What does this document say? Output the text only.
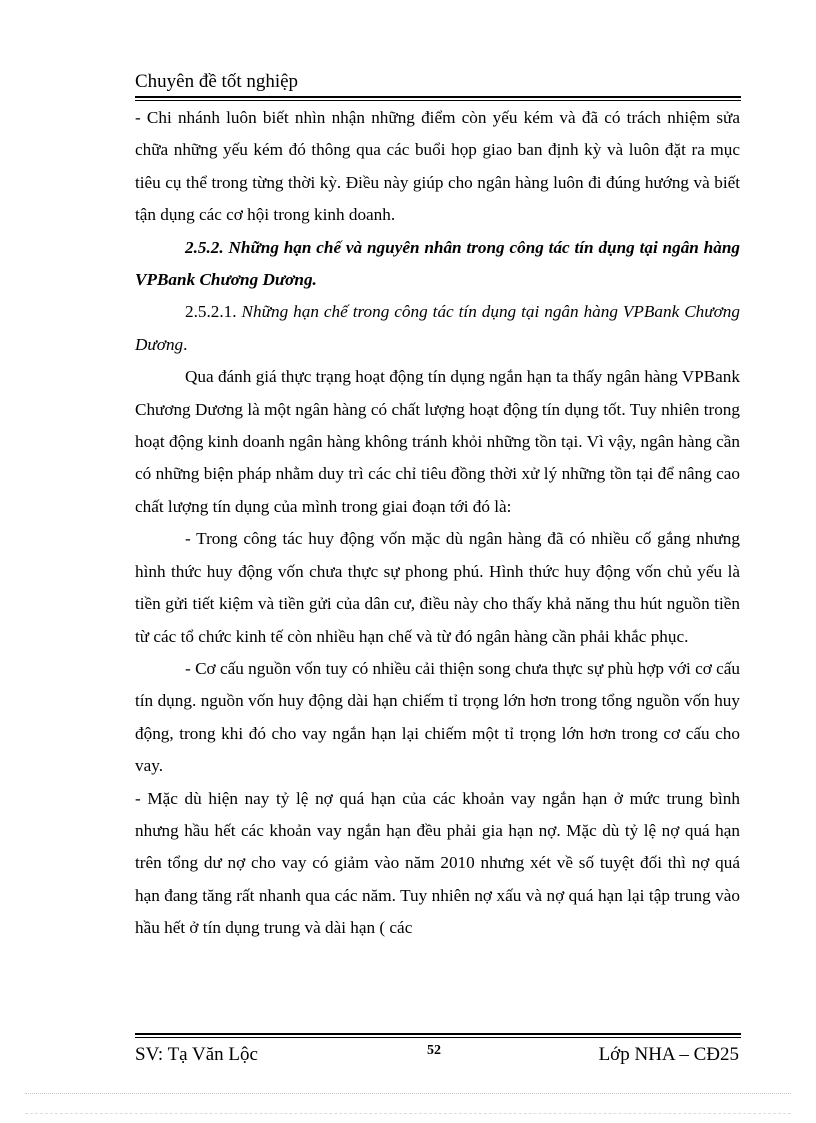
Chuyên đề tốt nghiệp

- Chi nhánh luôn biết nhìn nhận những điểm còn yếu kém và đã có trách nhiệm sửa chữa những yếu kém đó thông qua các buổi họp giao ban định kỳ và luôn đặt ra mục tiêu cụ thể trong từng thời kỳ. Điều này giúp cho ngân hàng luôn đi đúng hướng và biết tận dụng các cơ hội trong kinh doanh.

2.5.2. Những hạn chế và nguyên nhân trong công tác tín dụng tại ngân hàng VPBank Chương Dương.

2.5.2.1. Những hạn chế trong công tác tín dụng tại ngân hàng VPBank Chương Dương.

Qua đánh giá thực trạng hoạt động tín dụng ngắn hạn ta thấy ngân hàng VPBank Chương Dương là một ngân hàng có chất lượng hoạt động tín dụng tốt. Tuy nhiên trong hoạt động kinh doanh ngân hàng không tránh khỏi những tồn tại. Vì vậy, ngân hàng cần có những biện pháp nhằm duy trì các chỉ tiêu đồng thời xử lý những tồn tại để nâng cao chất lượng tín dụng của mình trong giai đoạn tới đó là:

- Trong công tác huy động vốn mặc dù ngân hàng đã có nhiều cố gắng nhưng hình thức huy động vốn chưa thực sự phong phú. Hình thức huy động vốn chủ yếu là tiền gửi tiết kiệm và tiền gửi của dân cư, điều này cho thấy khả năng thu hút nguồn tiền từ các tổ chức kinh tế còn nhiều hạn chế và từ đó ngân hàng cần phải khắc phục.

- Cơ cấu nguồn vốn tuy có nhiều cải thiện song chưa thực sự phù hợp với cơ cấu tín dụng. nguồn vốn huy động dài hạn chiếm tỉ trọng lớn hơn trong tổng nguồn vốn huy động, trong khi đó cho vay ngắn hạn lại chiếm một tỉ trọng lớn hơn trong cơ cấu cho vay.

- Mặc dù hiện nay tỷ lệ nợ quá hạn của các khoản vay ngắn hạn ở mức trung bình nhưng hầu hết các khoản vay ngắn hạn đều phải gia hạn nợ. Mặc dù tỷ lệ nợ quá hạn trên tổng dư nợ cho vay có giảm vào năm 2010 nhưng xét về số tuyệt đối thì nợ quá hạn đang tăng rất nhanh qua các năm. Tuy nhiên nợ xấu và nợ quá hạn lại tập trung vào hầu hết ở tín dụng trung và dài hạn ( các

SV: Tạ Văn Lộc	52	Lớp NHA – CĐ25
